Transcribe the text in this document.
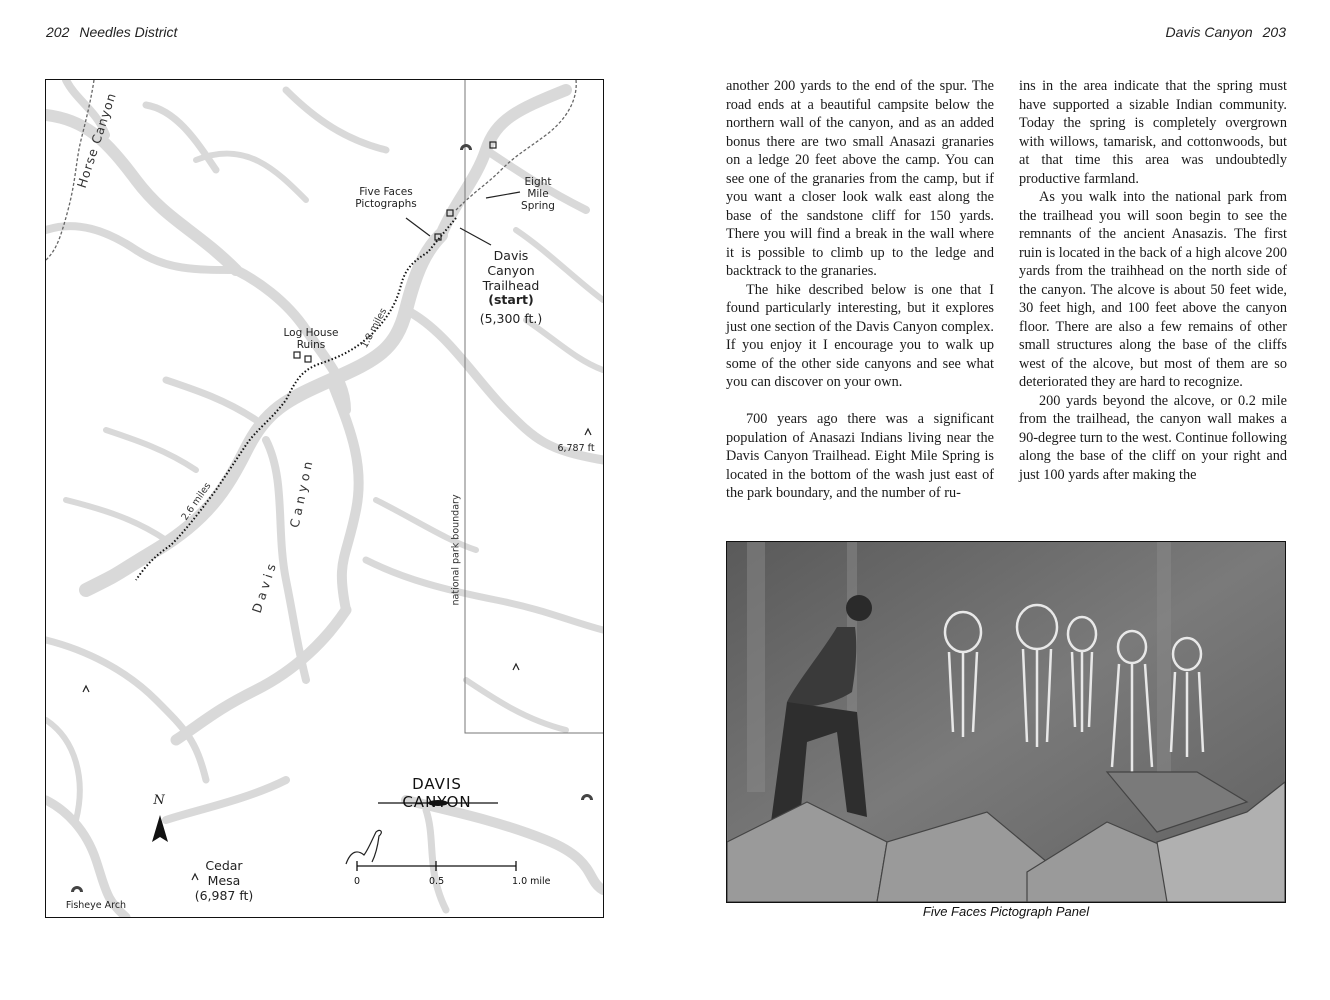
202 Needles District	Davis Canyon 203
Horse Canyon
Five Faces
Pictographs
Eight
Mile
Spring
Davis
Canyon
Trailhead
(start)
(5,300 ft.)
Log House
Ruins	1.8 miles
2.6 miles
Davis
Canyon
national park boundary
6,787 ft
Cedar
Mesa
(6,987 ft)
Fisheye Arch
N
DAVIS CANYON
0	0.5	1.0 mile

another 200 yards to the end of the spur. The road ends at a beautiful campsite below the northern wall of the canyon, and as an added bonus there are two small Anasazi granaries on a ledge 20 feet above the camp. You can see one of the granaries from the camp, but if you want a closer look walk east along the base of the sandstone cliff for 150 yards. There you will find a break in the wall where it is possible to climb up to the ledge and backtrack to the granaries.

The hike described below is one that I found particularly interesting, but it explores just one section of the Davis Canyon complex. If you enjoy it I encourage you to walk up some of the other side canyons and see what you can discover on your own.

700 years ago there was a significant population of Anasazi Indians living near the Davis Canyon Trailhead. Eight Mile Spring is located in the bottom of the wash just east of the park boundary, and the number of ru-

ins in the area indicate that the spring must have supported a sizable Indian community. Today the spring is completely overgrown with willows, tamarisk, and cottonwoods, but at that time this area was undoubtedly productive farmland.

As you walk into the national park from the trailhead you will soon begin to see the remnants of the ancient Anasazis. The first ruin is located in the back of a high alcove 200 yards from the traihhead on the north side of the canyon. The alcove is about 50 feet wide, 30 feet high, and 100 feet above the canyon floor. There are also a few remains of other small structures along the base of the cliffs west of the alcove, but most of them are so deteriorated they are hard to recognize.

200 yards beyond the alcove, or 0.2 mile from the trailhead, the canyon wall makes a 90-degree turn to the west. Continue following along the base of the cliff on your right and just 100 yards after making the

Five Faces Pictograph Panel
